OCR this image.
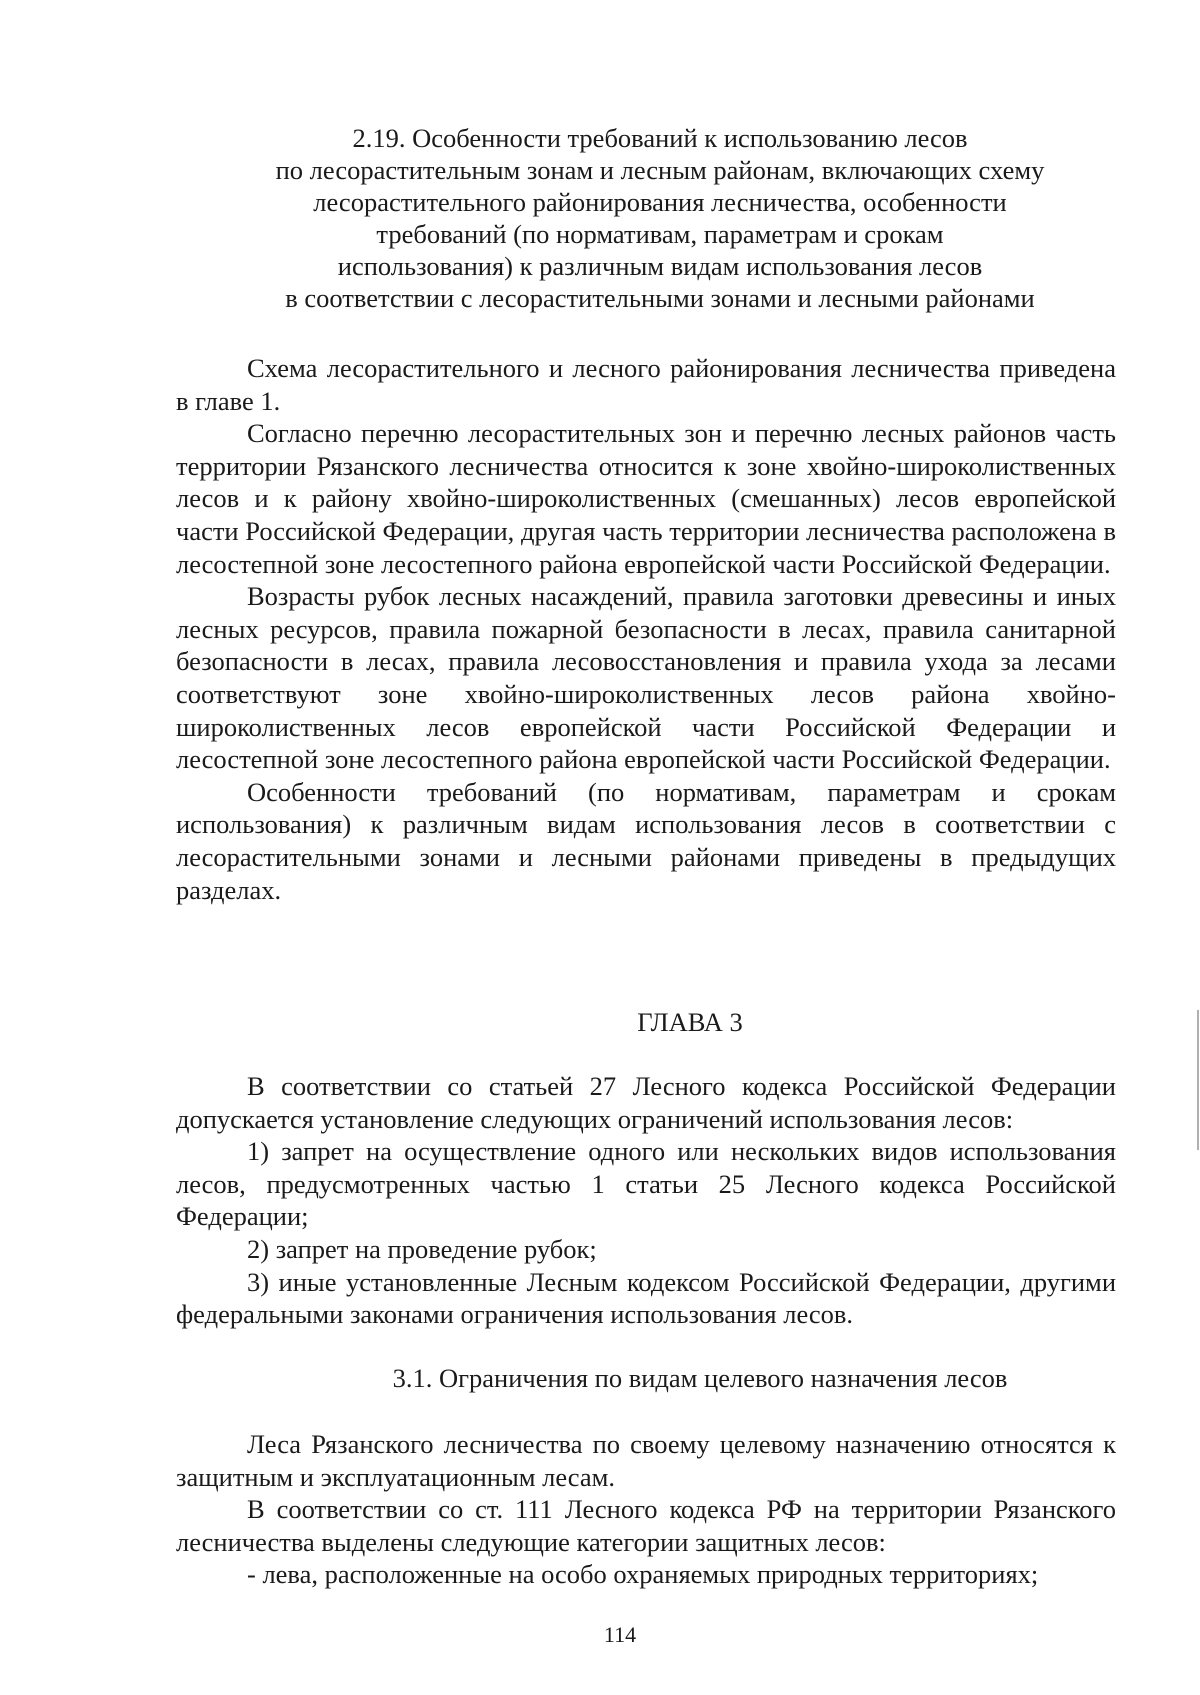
2.19. Особенности требований к использованию лесов
по лесорастительным зонам и лесным районам, включающих схему
лесорастительного районирования лесничества, особенности
требований (по нормативам, параметрам и срокам
использования) к различным видам использования лесов
в соответствии с лесорастительными зонами и лесными районами

Схема лесорастительного и лесного районирования лесничества приведена в главе 1.

Согласно перечню лесорастительных зон и перечню лесных районов часть территории Рязанского лесничества относится к зоне хвойно-широколиственных лесов и к району хвойно-широколиственных (смешанных) лесов европейской части Российской Федерации, другая часть территории лесничества расположена в лесостепной зоне лесостепного района европейской части Российской Федерации.

Возрасты рубок лесных насаждений, правила заготовки древесины и иных лесных ресурсов, правила пожарной безопасности в лесах, правила санитарной безопасности в лесах, правила лесовосстановления и правила ухода за лесами соответствуют зоне хвойно-широколиственных лесов района хвойно-широколиственных лесов европейской части Российской Федерации и лесостепной зоне лесостепного района европейской части Российской Федерации.

Особенности требований (по нормативам, параметрам и срокам использования) к различным видам использования лесов в соответствии с лесорастительными зонами и лесными районами приведены в предыдущих разделах.

ГЛАВА 3

В соответствии со статьей 27 Лесного кодекса Российской Федерации допускается установление следующих ограничений использования лесов:

1) запрет на осуществление одного или нескольких видов использования лесов, предусмотренных частью 1 статьи 25 Лесного кодекса Российской Федерации;

2) запрет на проведение рубок;

3) иные установленные Лесным кодексом Российской Федерации, другими федеральными законами ограничения использования лесов.

3.1. Ограничения по видам целевого назначения лесов

Леса Рязанского лесничества по своему целевому назначению относятся к защитным и эксплуатационным лесам.

В соответствии со ст. 111 Лесного кодекса РФ на территории Рязанского лесничества выделены следующие категории защитных лесов:

- лева, расположенные на особо охраняемых природных территориях;

114
